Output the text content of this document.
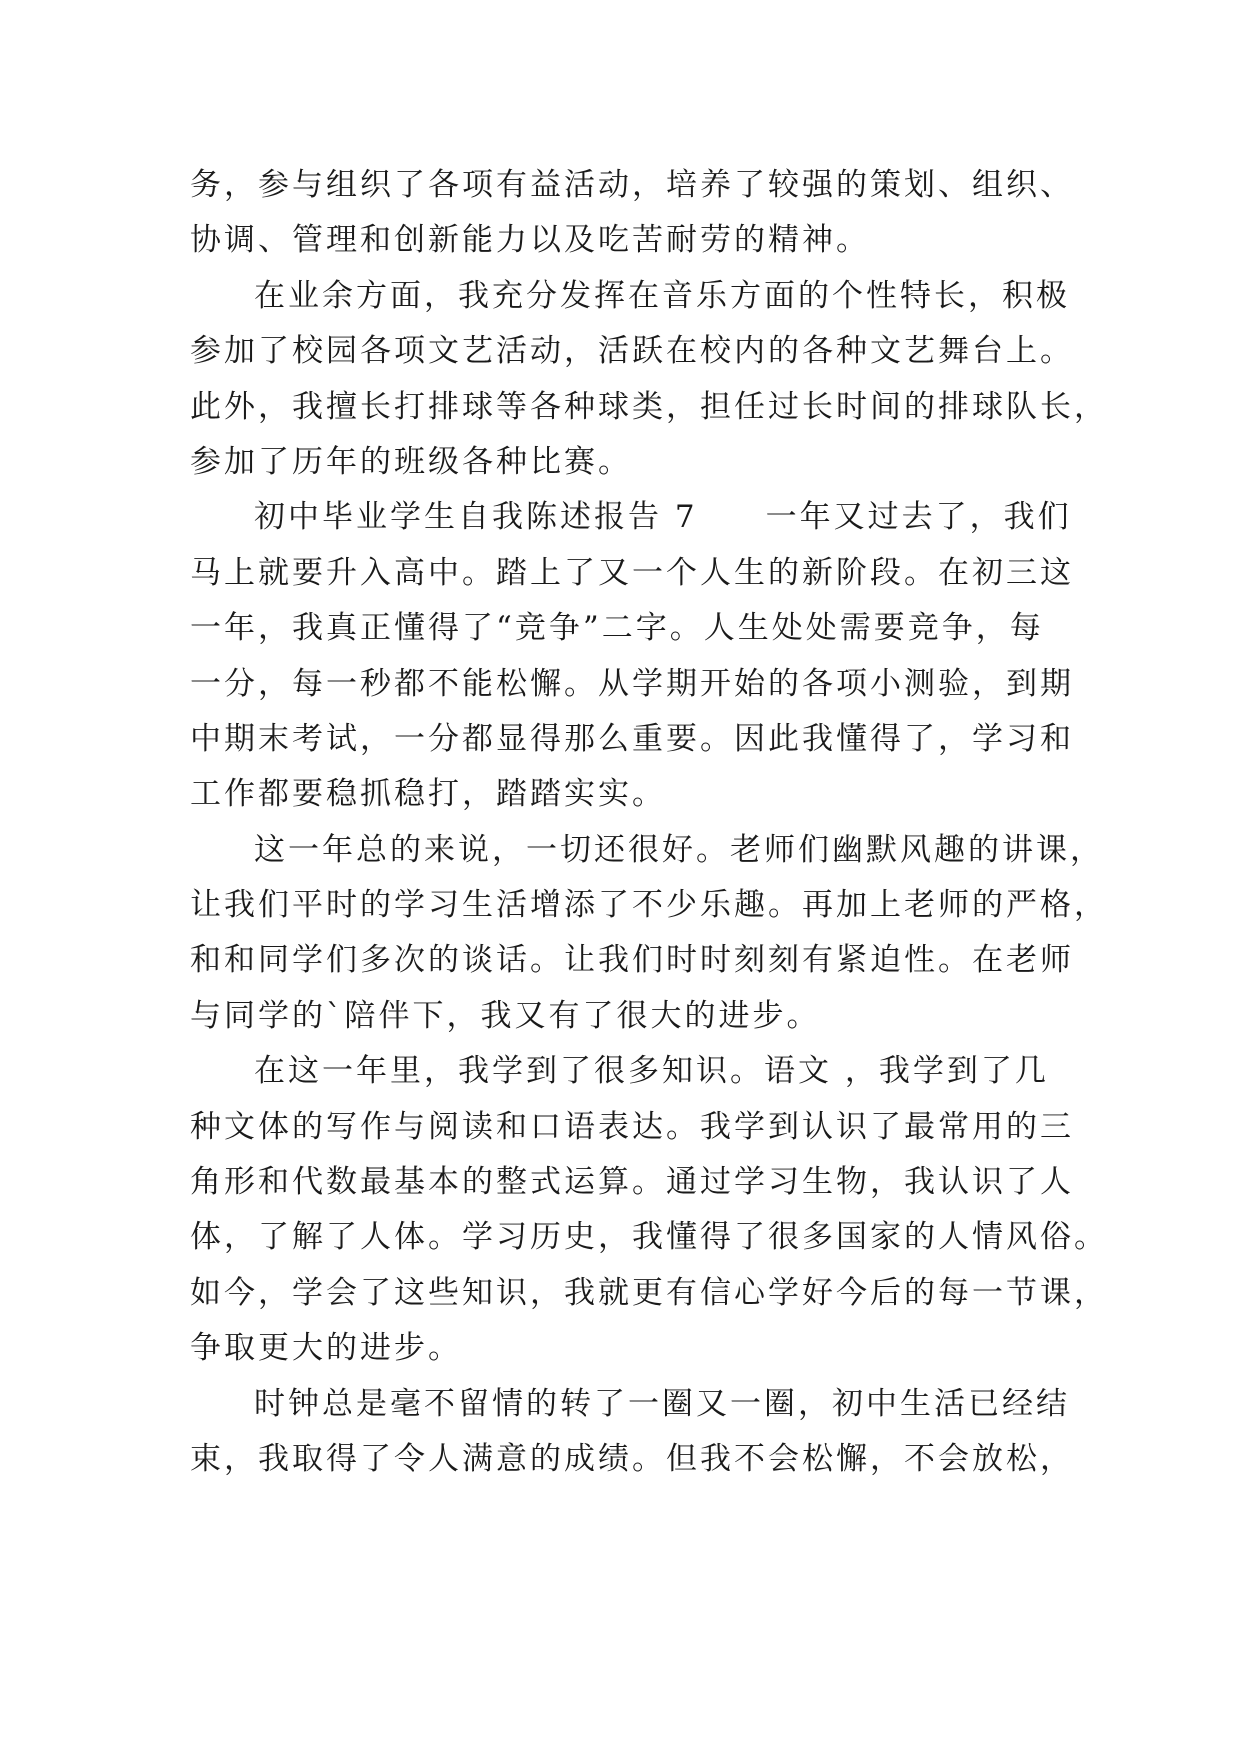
务，参与组织了各项有益活动，培养了较强的策划、组织、
协调、管理和创新能力以及吃苦耐劳的精神。
在业余方面，我充分发挥在音乐方面的个性特长，积极
参加了校园各项文艺活动，活跃在校内的各种文艺舞台上。
此外，我擅长打排球等各种球类，担任过长时间的排球队长，
参加了历年的班级各种比赛。
初中毕业学生自我陈述报告 7　　一年又过去了，我们
马上就要升入高中。踏上了又一个人生的新阶段。在初三这
一年，我真正懂得了“竞争”二字。人生处处需要竞争，每
一分，每一秒都不能松懈。从学期开始的各项小测验，到期
中期末考试，一分都显得那么重要。因此我懂得了，学习和
工作都要稳抓稳打，踏踏实实。
这一年总的来说，一切还很好。老师们幽默风趣的讲课，
让我们平时的学习生活增添了不少乐趣。再加上老师的严格，
和和同学们多次的谈话。让我们时时刻刻有紧迫性。在老师
与同学的`陪伴下，我又有了很大的进步。
在这一年里，我学到了很多知识。语文 ，我学到了几
种文体的写作与阅读和口语表达。我学到认识了最常用的三
角形和代数最基本的整式运算。通过学习生物，我认识了人
体，了解了人体。学习历史，我懂得了很多国家的人情风俗。
如今，学会了这些知识，我就更有信心学好今后的每一节课，
争取更大的进步。
时钟总是毫不留情的转了一圈又一圈，初中生活已经结
束，我取得了令人满意的成绩。但我不会松懈，不会放松，
